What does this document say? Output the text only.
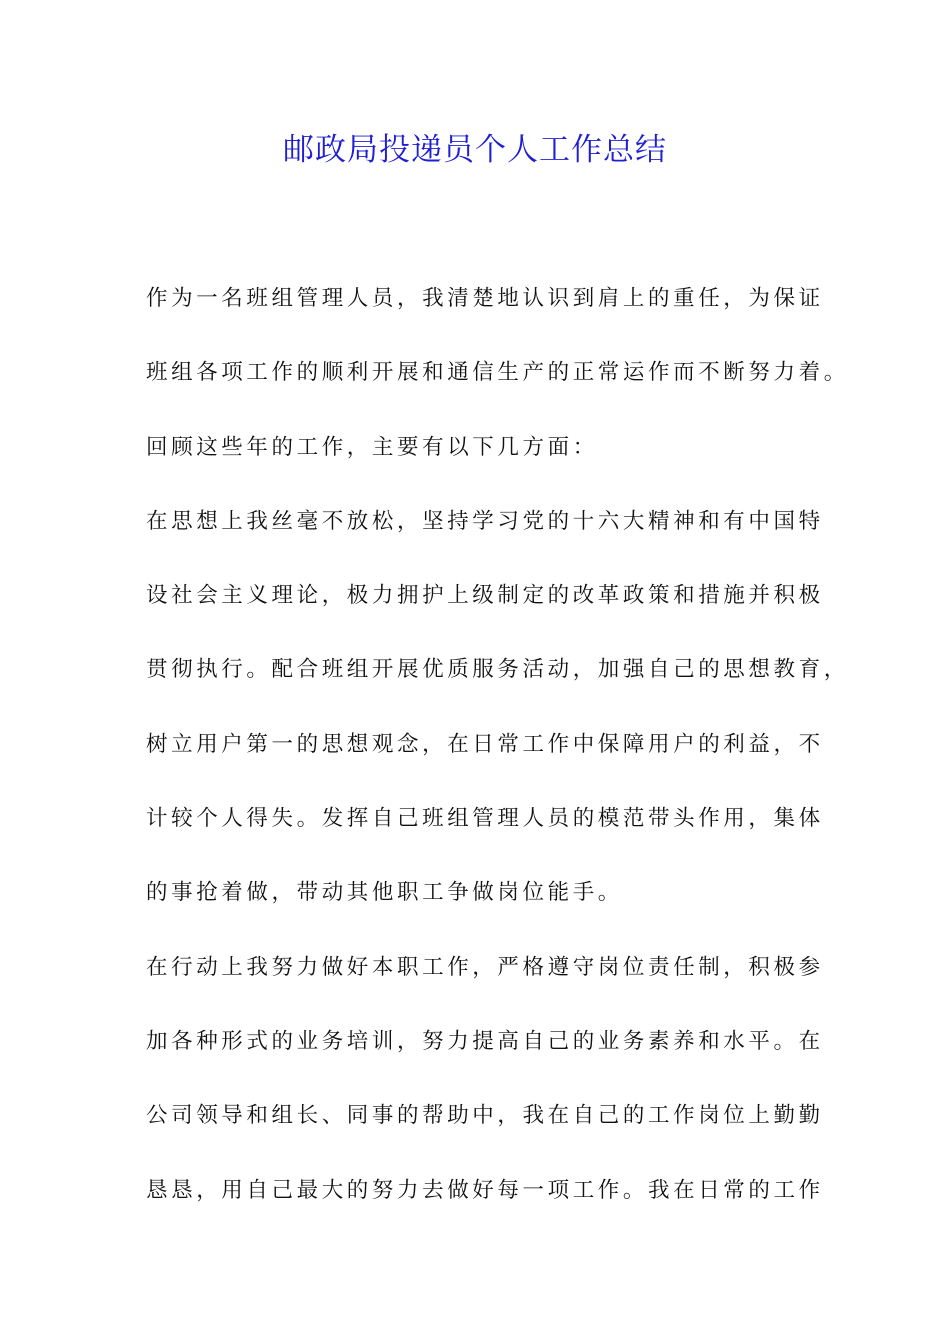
邮政局投递员个人工作总结
作为一名班组管理人员，我清楚地认识到肩上的重任，为保证
班组各项工作的顺利开展和通信生产的正常运作而不断努力着。
回顾这些年的工作，主要有以下几方面：
在思想上我丝毫不放松，坚持学习党的十六大精神和有中国特
设社会主义理论，极力拥护上级制定的改革政策和措施并积极
贯彻执行。配合班组开展优质服务活动，加强自己的思想教育，
树立用户第一的思想观念，在日常工作中保障用户的利益，不
计较个人得失。发挥自己班组管理人员的模范带头作用，集体
的事抢着做，带动其他职工争做岗位能手。
在行动上我努力做好本职工作，严格遵守岗位责任制，积极参
加各种形式的业务培训，努力提高自己的业务素养和水平。在
公司领导和组长、同事的帮助中，我在自己的工作岗位上勤勤
恳恳，用自己最大的努力去做好每一项工作。我在日常的工作
